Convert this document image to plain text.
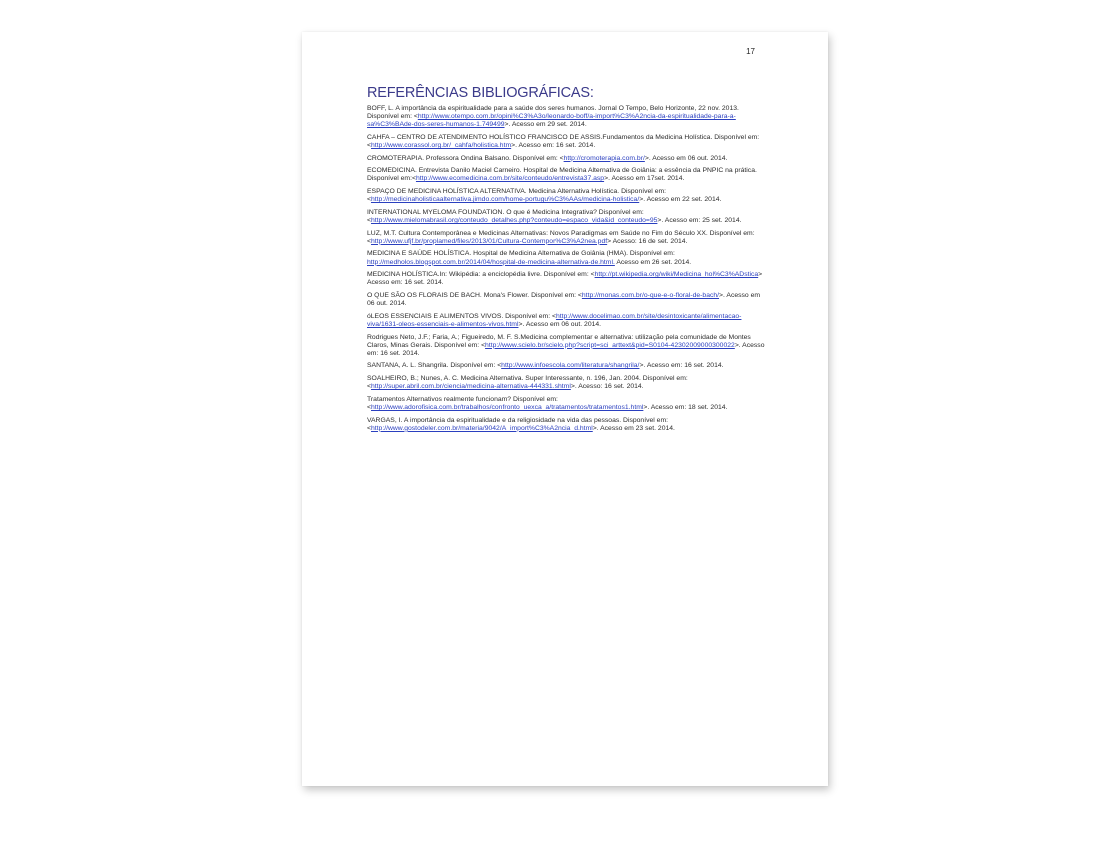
17
REFERÊNCIAS BIBLIOGRÁFICAS:

BOFF, L. A importância da espiritualidade para a saúde dos seres humanos. Jornal O Tempo, Belo Horizonte, 22 nov. 2013. Disponível em: <http://www.otempo.com.br/opini%C3%A3o/leonardo-boff/a-import%C3%A2ncia-da-espiritualidade-para-a-sa%C3%BAde-dos-seres-humanos-1.749499>. Acesso em 29 set. 2014.

CAHFA – CENTRO DE ATENDIMENTO HOLÍSTICO FRANCISCO DE ASSIS.Fundamentos da Medicina Holística. Disponível em: <http://www.corassol.org.br/_cahfa/holistica.htm>. Acesso em: 16 set. 2014.

CROMOTERAPIA. Professora Ondina Balsano. Disponível em: <http://cromoterapia.com.br/>. Acesso em 06 out. 2014.

ECOMEDICINA. Entrevista Danilo Maciel Carneiro. Hospital de Medicina Alternativa de Goiânia: a essência da PNPIC na prática. Disponível em:<http://www.ecomedicina.com.br/site/conteudo/entrevista37.asp>. Acesso em 17set. 2014.

ESPAÇO DE MEDICINA HOLÍSTICA ALTERNATIVA. Medicina Alternativa Holística. Disponível em: <http://medicinaholisticaalternativa.jimdo.com/home-portugu%C3%AAs/medicina-holistica/>. Acesso em 22 set. 2014.

INTERNATIONAL MYELOMA FOUNDATION. O que é Medicina Integrativa? Disponível em: <http://www.mielomabrasil.org/conteudo_detalhes.php?conteudo=espaco_vida&id_conteudo=95>. Acesso em: 25 set. 2014.

LUZ, M.T. Cultura Contemporânea e Medicinas Alternativas: Novos Paradigmas em Saúde no Fim do Século XX. Disponível em: <http://www.ufjf.br/proplamed/files/2013/01/Cultura-Contempor%C3%A2nea.pdf> Acesso: 16 de set. 2014.

MEDICINA E SAÚDE HOLÍSTICA. Hospital de Medicina Alternativa de Goiânia (HMA). Disponível em: http://medholos.blogspot.com.br/2014/04/hospital-de-medicina-alternativa-de.html. Acesso em 26 set. 2014.

MEDICINA HOLÍSTICA.In: Wikipédia: a enciclopédia livre. Disponível em: <http://pt.wikipedia.org/wiki/Medicina_hol%C3%ADstica> Acesso em: 16 set. 2014.

O QUE SÃO OS FLORAIS DE BACH. Mona's Flower. Disponível em: <http://monas.com.br/o-que-e-o-floral-de-bach/>. Acesso em 06 out. 2014.

óLEOS ESSENCIAIS E ALIMENTOS VIVOS. Disponível em: <http://www.docelimao.com.br/site/desintoxicante/alimentacao-viva/1631-oleos-essenciais-e-alimentos-vivos.html>. Acesso em 06 out. 2014.

Rodrigues Neto, J.F.; Faria, A.; Figueiredo, M. F. S.Medicina complementar e alternativa: utilização pela comunidade de Montes Claros, Minas Gerais. Disponível em: <http://www.scielo.br/scielo.php?script=sci_arttext&pid=S0104-42302009000300022>. Acesso em: 16 set. 2014.

SANTANA, A. L. Shangrila. Disponível em: <http://www.infoescola.com/literatura/shangrila/>. Acesso em: 16 set. 2014.

SOALHEIRO, B.; Nunes, A. C. Medicina Alternativa. Super Interessante, n. 196, Jan. 2004. Disponível em: <http://super.abril.com.br/ciencia/medicina-alternativa-444331.shtml>. Acesso: 16 set. 2014.

Tratamentos Alternativos realmente funcionam? Disponível em: <http://www.adorofisica.com.br/trabalhos/confronto_uexca_a/tratamentos/tratamentos1.html>. Acesso em: 18 set. 2014.

VARGAS, I. A importância da espiritualidade e da religiosidade na vida das pessoas. Disponível em:<http://www.gostodeler.com.br/materia/9042/A_import%C3%A2ncia_d.html>. Acesso em 23 set. 2014.
